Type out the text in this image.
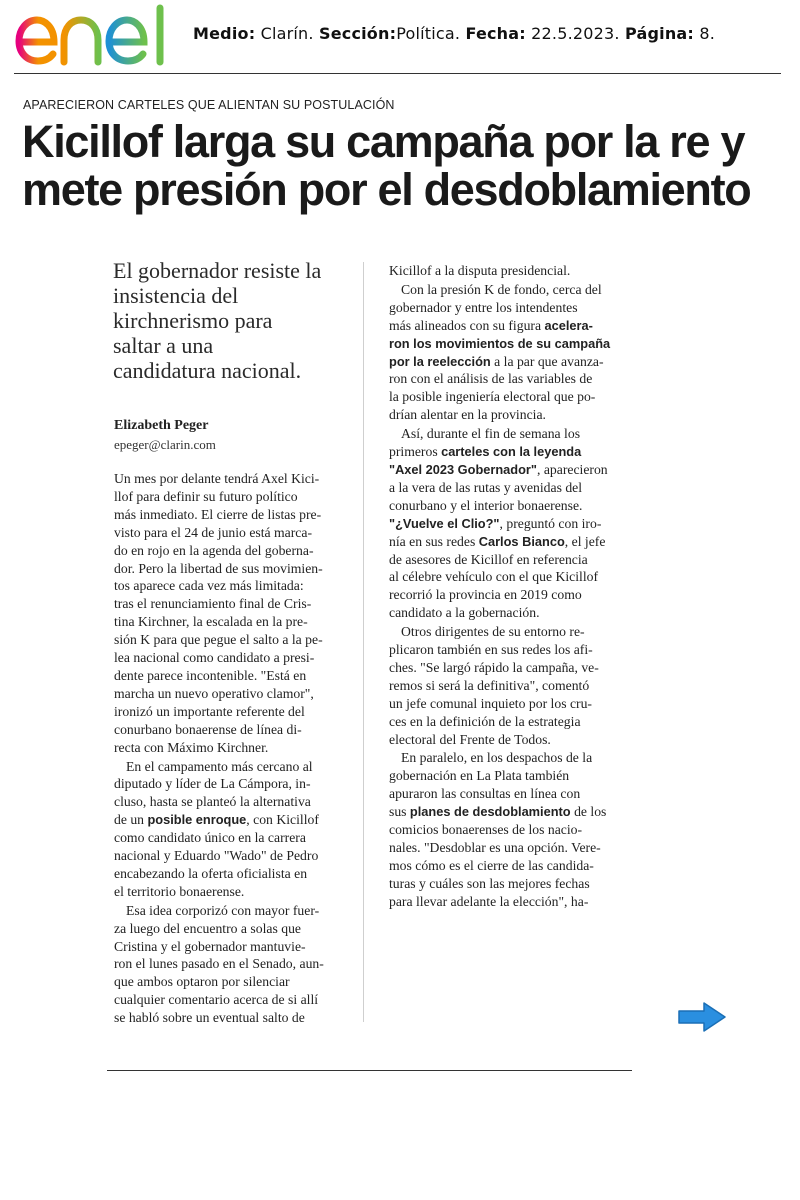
Medio: Clarín. Sección:Política. Fecha: 22.5.2023. Página: 8.
APARECIERON CARTELES QUE ALIENTAN SU POSTULACIÓN
Kicillof larga su campaña por la re y
mete presión por el desdoblamiento

El gobernador resiste la
insistencia del
kirchnerismo para
saltar a una
candidatura nacional.

Elizabeth Peger
epeger@clarin.com
Un mes por delante tendrá Axel Kici-
llof para definir su futuro político
más inmediato. El cierre de listas pre-
visto para el 24 de junio está marca-
do en rojo en la agenda del goberna-
dor. Pero la libertad de sus movimien-
tos aparece cada vez más limitada:
tras el renunciamiento final de Cris-
tina Kirchner, la escalada en la pre-
sión K para que pegue el salto a la pe-
lea nacional como candidato a presi-
dente parece incontenible. "Está en
marcha un nuevo operativo clamor",
ironizó un importante referente del
conurbano bonaerense de línea di-
recta con Máximo Kirchner.
En el campamento más cercano al
diputado y líder de La Cámpora, in-
cluso, hasta se planteó la alternativa
de un posible enroque, con Kicillof
como candidato único en la carrera
nacional y Eduardo "Wado" de Pedro
encabezando la oferta oficialista en
el territorio bonaerense.
Esa idea corporizó con mayor fuer-
za luego del encuentro a solas que
Cristina y el gobernador mantuvie-
ron el lunes pasado en el Senado, aun-
que ambos optaron por silenciar
cualquier comentario acerca de si allí
se habló sobre un eventual salto de
Kicillof a la disputa presidencial.
Con la presión K de fondo, cerca del
gobernador y entre los intendentes
más alineados con su figura acelera-
ron los movimientos de su campaña
por la reelección a la par que avanza-
ron con el análisis de las variables de
la posible ingeniería electoral que po-
drían alentar en la provincia.
Así, durante el fin de semana los
primeros carteles con la leyenda
"Axel 2023 Gobernador", aparecieron
a la vera de las rutas y avenidas del
conurbano y el interior bonaerense.
"¿Vuelve el Clio?", preguntó con iro-
nía en sus redes Carlos Bianco, el jefe
de asesores de Kicillof en referencia
al célebre vehículo con el que Kicillof
recorrió la provincia en 2019 como
candidato a la gobernación.
Otros dirigentes de su entorno re-
plicaron también en sus redes los afi-
ches. "Se largó rápido la campaña, ve-
remos si será la definitiva", comentó
un jefe comunal inquieto por los cru-
ces en la definición de la estrategia
electoral del Frente de Todos.
En paralelo, en los despachos de la
gobernación en La Plata también
apuraron las consultas en línea con
sus planes de desdoblamiento de los
comicios bonaerenses de los nacio-
nales. "Desdoblar es una opción. Vere-
mos cómo es el cierre de las candida-
turas y cuáles son las mejores fechas
para llevar adelante la elección", ha-
